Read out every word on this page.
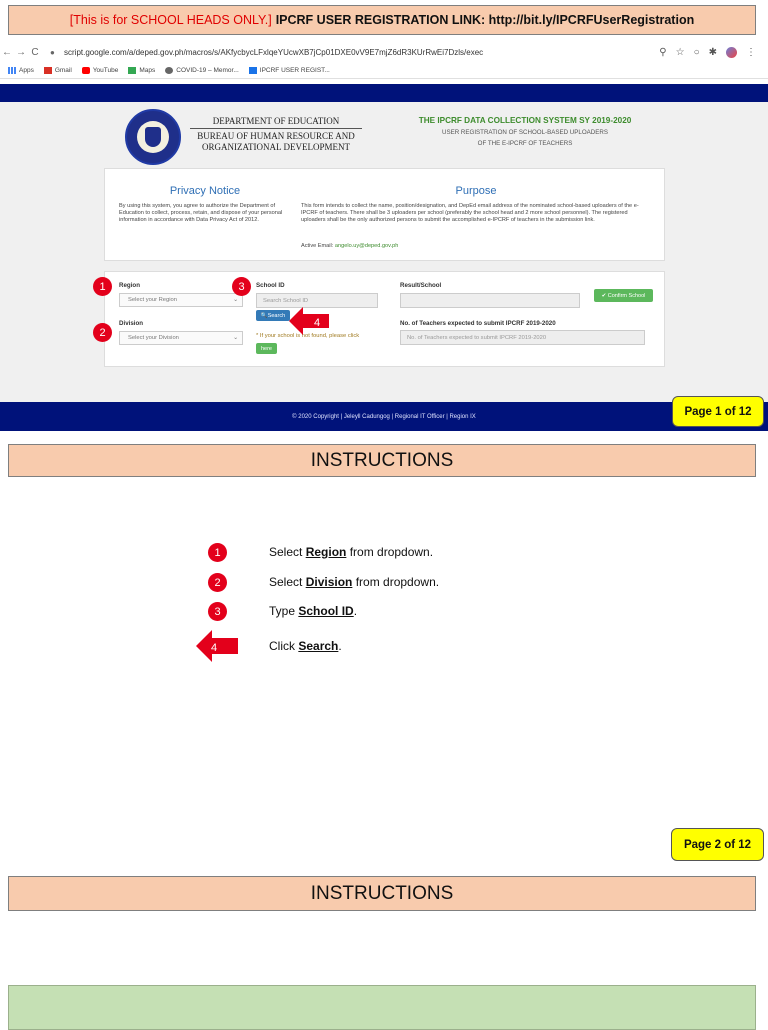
[This is for SCHOOL HEADS ONLY.] IPCRF USER REGISTRATION LINK: http://bit.ly/IPCRFUserRegistration
← → C	●	script.google.com/a/deped.gov.ph/macros/s/AKfycbycLFxlqeYUcwXB7jCp01DXE0vV9E7mjZ6dR3KUrRwEi7Dzls/exec	⚲ ☆ ○ ✱	⋮
Apps	Gmail	YouTube	Maps	COVID-19 – Memor...	IPCRF USER REGIST...
DEPARTMENT OF EDUCATION
BUREAU OF HUMAN RESOURCE AND
ORGANIZATIONAL DEVELOPMENT
THE IPCRF DATA COLLECTION SYSTEM SY 2019-2020
USER REGISTRATION OF SCHOOL-BASED UPLOADERS
OF THE E-IPCRF OF TEACHERS
Privacy Notice
By using this system, you agree to authorize the Department of Education to collect, process, retain, and dispose of your personal information in accordance with Data Privacy Act of 2012.
Purpose
This form intends to collect the name, position/designation, and DepEd email address of the nominated school-based uploaders of the e-IPCRF of teachers. There shall be 3 uploaders per school (preferably the school head and 2 more school personnel). The registered uploaders shall be the only authorized persons to submit the accomplished e-IPCRF of teachers in the submission link.
Active Email: angelo.uy@deped.gov.ph
Region
Select your Region	⌄
Division
Select your Division	⌄
School ID
Search School ID
🔍 Search
* If your school is not found, please click
here
Result/School
✔ Confirm School
No. of Teachers expected to submit IPCRF 2019-2020
No. of Teachers expected to submit IPCRF 2019-2020
1
2
3
4
© 2020 Copyright | Jeleyll Cadungog | Regional IT Officer | Region IX	Page 1 of 12
INSTRUCTIONS
1	Select Region from dropdown.
2	Select Division from dropdown.
3	Type School ID.
4	Click Search.
Page 2 of 12
INSTRUCTIONS
